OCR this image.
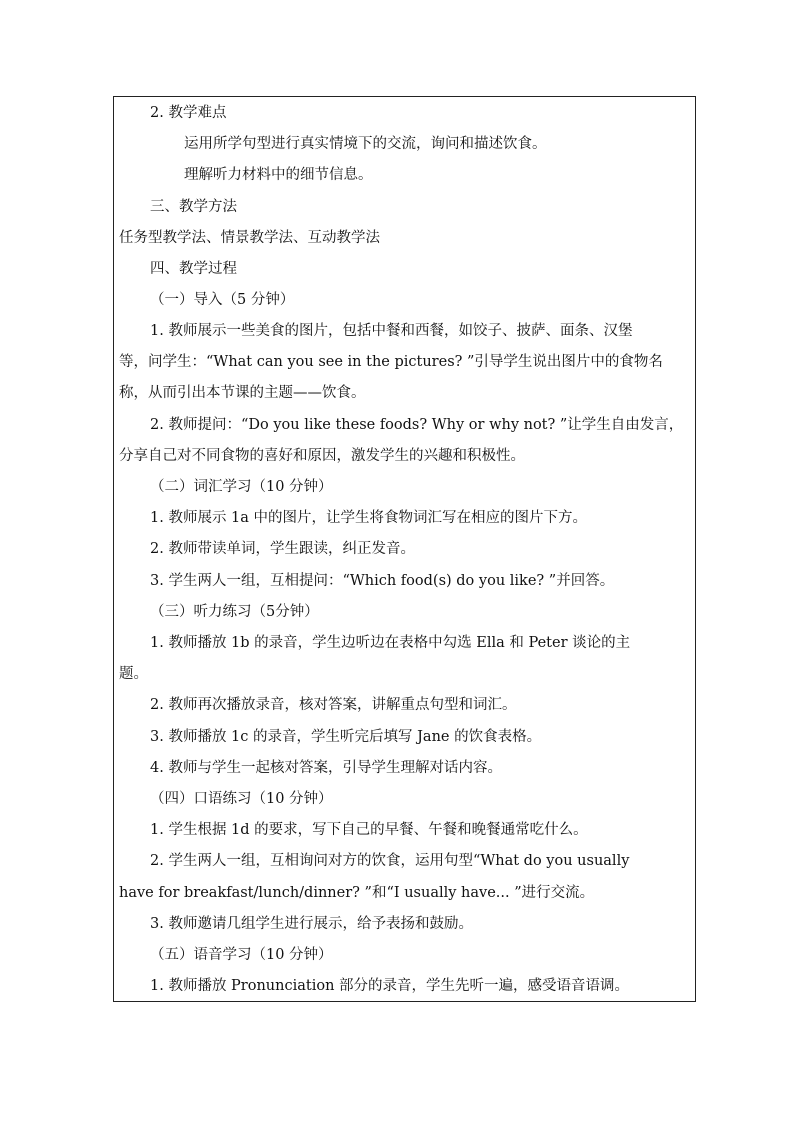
2. 教学难点
运用所学句型进行真实情境下的交流，询问和描述饮食。
理解听力材料中的细节信息。
三、教学方法
任务型教学法、情景教学法、互动教学法
四、教学过程
（一）导入（5 分钟）
1. 教师展示一些美食的图片，包括中餐和西餐，如饺子、披萨、面条、汉堡
等，问学生：“What can you see in the pictures? ”引导学生说出图片中的食物名
称，从而引出本节课的主题——饮食。
2. 教师提问：“Do you like these foods? Why or why not? ”让学生自由发言，
分享自己对不同食物的喜好和原因，激发学生的兴趣和积极性。
（二）词汇学习（10 分钟）
1. 教师展示 1a 中的图片，让学生将食物词汇写在相应的图片下方。
2. 教师带读单词，学生跟读，纠正发音。
3. 学生两人一组，互相提问：“Which food(s) do you like? ”并回答。
（三）听力练习（5分钟）
1. 教师播放 1b 的录音，学生边听边在表格中勾选 Ella 和 Peter 谈论的主
题。
2. 教师再次播放录音，核对答案，讲解重点句型和词汇。
3. 教师播放 1c 的录音，学生听完后填写 Jane 的饮食表格。
4. 教师与学生一起核对答案，引导学生理解对话内容。
（四）口语练习（10 分钟）
1. 学生根据 1d 的要求，写下自己的早餐、午餐和晚餐通常吃什么。
2. 学生两人一组，互相询问对方的饮食，运用句型“What do you usually
have for breakfast/lunch/dinner? ”和“I usually have... ”进行交流。
3. 教师邀请几组学生进行展示，给予表扬和鼓励。
（五）语音学习（10 分钟）
1. 教师播放 Pronunciation 部分的录音，学生先听一遍，感受语音语调。
